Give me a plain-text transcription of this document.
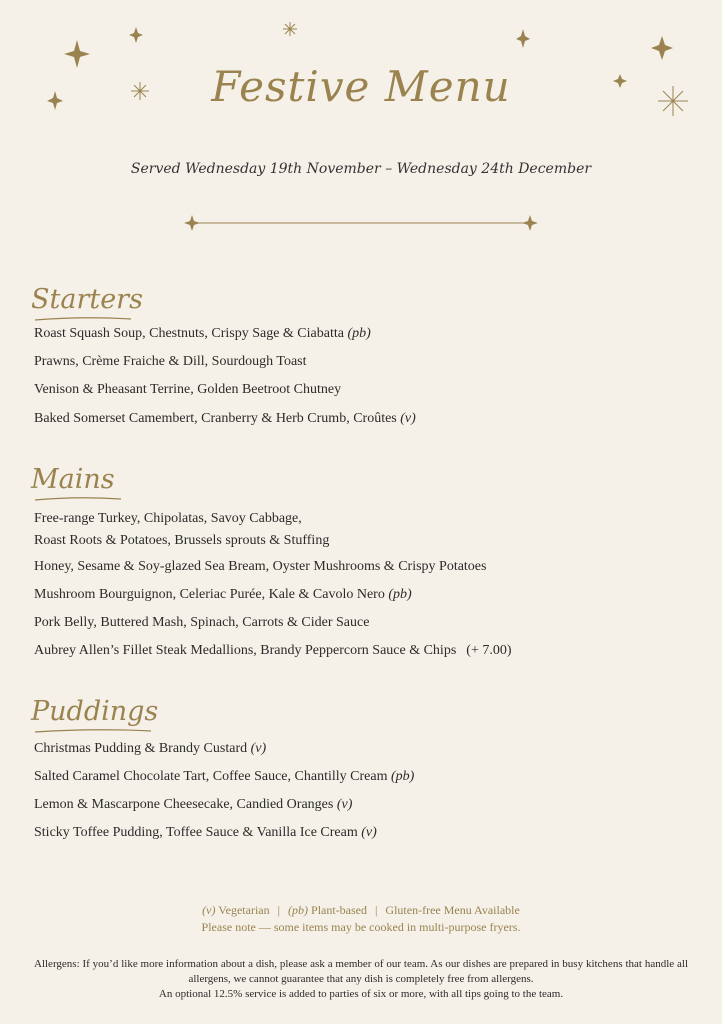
Festive Menu

Served Wednesday 19th November – Wednesday 24th December

Starters

Roast Squash Soup, Chestnuts, Crispy Sage & Ciabatta (pb)

Prawns, Crème Fraiche & Dill, Sourdough Toast

Venison & Pheasant Terrine, Golden Beetroot Chutney

Baked Somerset Camembert, Cranberry & Herb Crumb, Croûtes (v)

Mains

Free-range Turkey, Chipolatas, Savoy Cabbage,
Roast Roots & Potatoes, Brussels sprouts & Stuffing

Honey, Sesame & Soy-glazed Sea Bream, Oyster Mushrooms & Crispy Potatoes

Mushroom Bourguignon, Celeriac Purée, Kale & Cavolo Nero (pb)

Pork Belly, Buttered Mash, Spinach, Carrots & Cider Sauce

Aubrey Allen’s Fillet Steak Medallions, Brandy Peppercorn Sauce & Chips (+ 7.00)

Puddings

Christmas Pudding & Brandy Custard (v)

Salted Caramel Chocolate Tart, Coffee Sauce, Chantilly Cream (pb)

Lemon & Mascarpone Cheesecake, Candied Oranges (v)

Sticky Toffee Pudding, Toffee Sauce & Vanilla Ice Cream (v)

(v) Vegetarian | (pb) Plant-based | Gluten-free Menu Available

Please note — some items may be cooked in multi-purpose fryers.

Allergens: If you’d like more information about a dish, please ask a member of our team. As our dishes are prepared in busy kitchens that handle all allergens, we cannot guarantee that any dish is completely free from allergens.
An optional 12.5% service is added to parties of six or more, with all tips going to the team.
